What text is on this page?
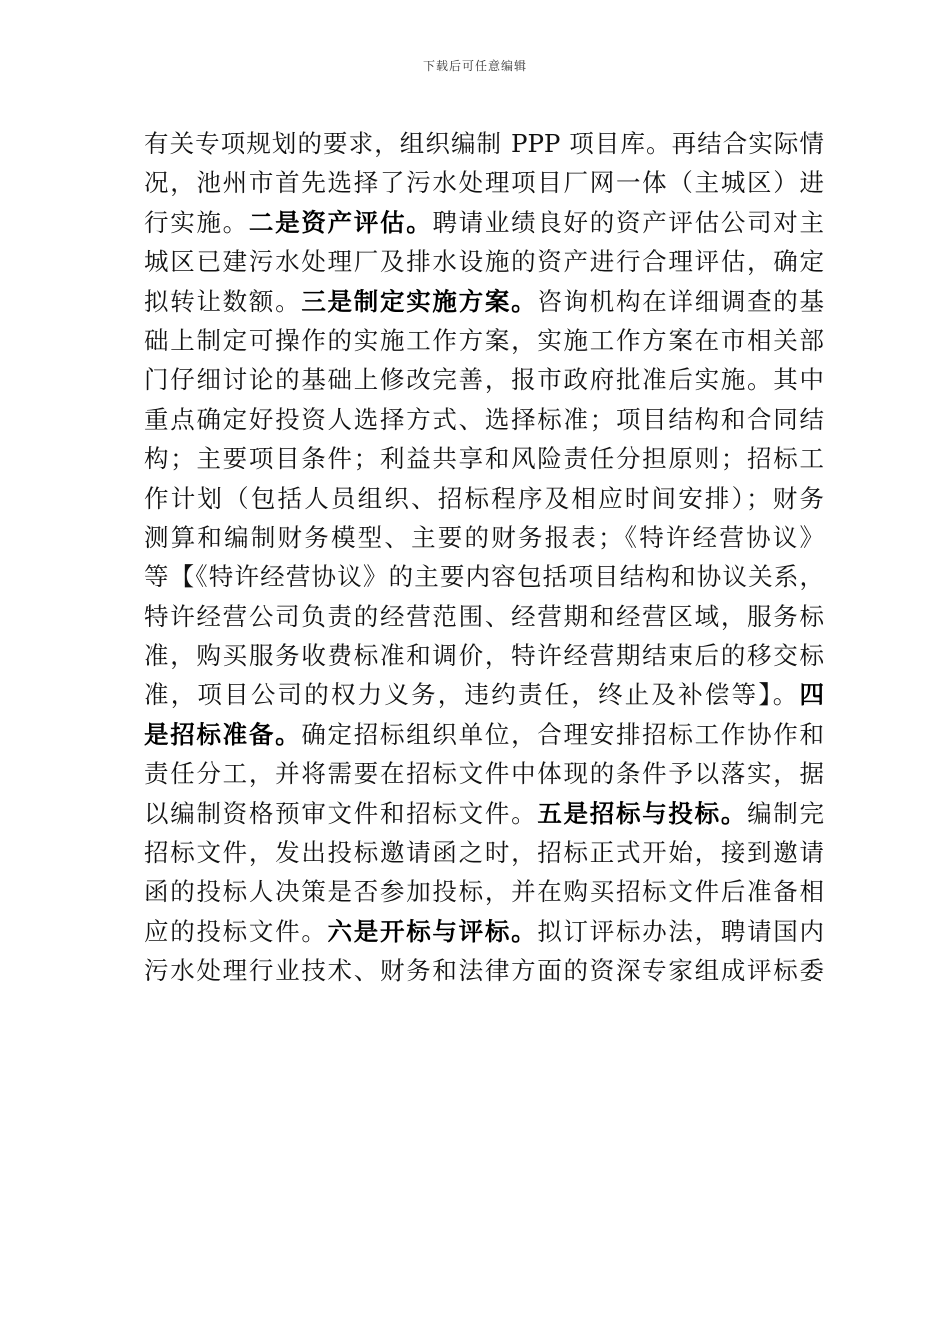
下载后可任意编辑
有关专项规划的要求，组织编制 PPP 项目库。再结合实际情
况，池州市首先选择了污水处理项目厂网一体（主城区）进
行实施。二是资产评估。聘请业绩良好的资产评估公司对主
城区已建污水处理厂及排水设施的资产进行合理评估，确定
拟转让数额。三是制定实施方案。咨询机构在详细调查的基
础上制定可操作的实施工作方案，实施工作方案在市相关部
门仔细讨论的基础上修改完善，报市政府批准后实施。其中
重点确定好投资人选择方式、选择标准；项目结构和合同结
构；主要项目条件；利益共享和风险责任分担原则；招标工
作计划（包括人员组织、招标程序及相应时间安排）；财务
测算和编制财务模型、主要的财务报表；《特许经营协议》
等【《特许经营协议》的主要内容包括项目结构和协议关系，
特许经营公司负责的经营范围、经营期和经营区域，服务标
准，购买服务收费标准和调价，特许经营期结束后的移交标
准，项目公司的权力义务，违约责任，终止及补偿等】。四
是招标准备。确定招标组织单位，合理安排招标工作协作和
责任分工，并将需要在招标文件中体现的条件予以落实，据
以编制资格预审文件和招标文件。五是招标与投标。编制完
招标文件，发出投标邀请函之时，招标正式开始，接到邀请
函的投标人决策是否参加投标，并在购买招标文件后准备相
应的投标文件。六是开标与评标。拟订评标办法，聘请国内
污水处理行业技术、财务和法律方面的资深专家组成评标委
